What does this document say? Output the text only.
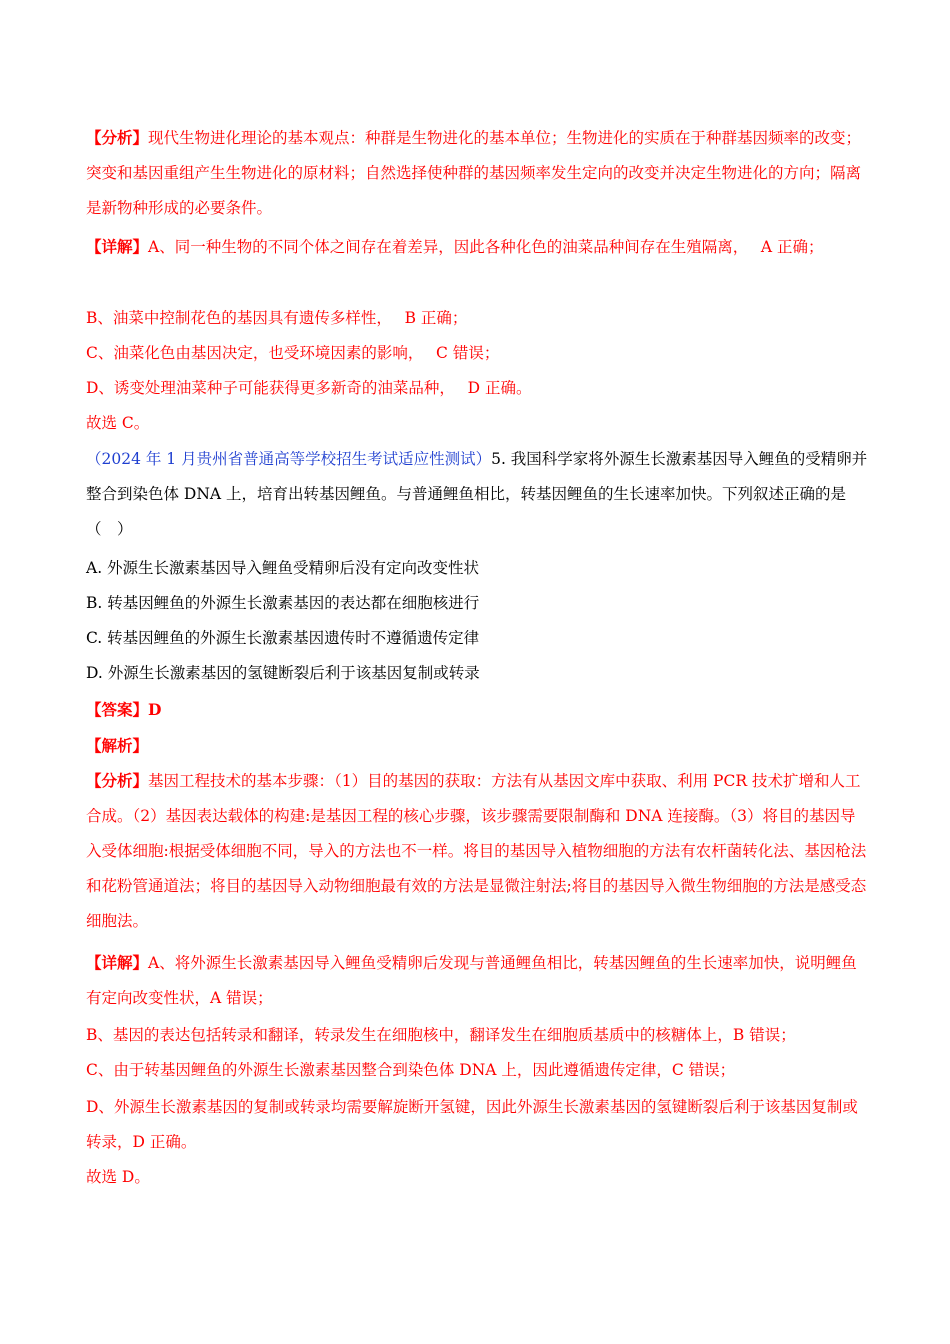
【分析】现代生物进化理论的基本观点：种群是生物进化的基本单位；生物进化的实质在于种群基因频率的改变；突变和基因重组产生生物进化的原材料；自然选择使种群的基因频率发生定向的改变并决定生物进化的方向；隔离是新物种形成的必要条件。
【详解】A、同一种生物的不同个体之间存在着差异，因此各种化色的油菜品种间存在生殖隔离，　 A 正确；
B、油菜中控制花色的基因具有遗传多样性，　 B 正确；
C、油菜化色由基因决定，也受环境因素的影响，　 C 错误；
D、诱变处理油菜种子可能获得更多新奇的油菜品种，　 D 正确。
故选 C。
（2024 年 1 月贵州省普通高等学校招生考试适应性测试）5. 我国科学家将外源生长激素基因导入鲤鱼的受精卵并整合到染色体 DNA 上，培育出转基因鲤鱼。与普通鲤鱼相比，转基因鲤鱼的生长速率加快。下列叙述正确的是（　）
A. 外源生长激素基因导入鲤鱼受精卵后没有定向改变性状
B. 转基因鲤鱼的外源生长激素基因的表达都在细胞核进行
C. 转基因鲤鱼的外源生长激素基因遗传时不遵循遗传定律
D. 外源生长激素基因的氢键断裂后利于该基因复制或转录
【答案】D
【解析】
【分析】基因工程技术的基本步骤：（1）目的基因的获取：方法有从基因文库中获取、利用 PCR 技术扩增和人工合成。（2）基因表达载体的构建:是基因工程的核心步骤，该步骤需要限制酶和 DNA 连接酶。（3）将目的基因导入受体细胞:根据受体细胞不同，导入的方法也不一样。将目的基因导入植物细胞的方法有农杆菌转化法、基因枪法和花粉管通道法；将目的基因导入动物细胞最有效的方法是显微注射法;将目的基因导入微生物细胞的方法是感受态细胞法。
【详解】A、将外源生长激素基因导入鲤鱼受精卵后发现与普通鲤鱼相比，转基因鲤鱼的生长速率加快，说明鲤鱼有定向改变性状，A 错误；
B、基因的表达包括转录和翻译，转录发生在细胞核中，翻译发生在细胞质基质中的核糖体上，B 错误；
C、由于转基因鲤鱼的外源生长激素基因整合到染色体 DNA 上，因此遵循遗传定律，C 错误；
D、外源生长激素基因的复制或转录均需要解旋断开氢键，因此外源生长激素基因的氢键断裂后利于该基因复制或转录，D 正确。
故选 D。
